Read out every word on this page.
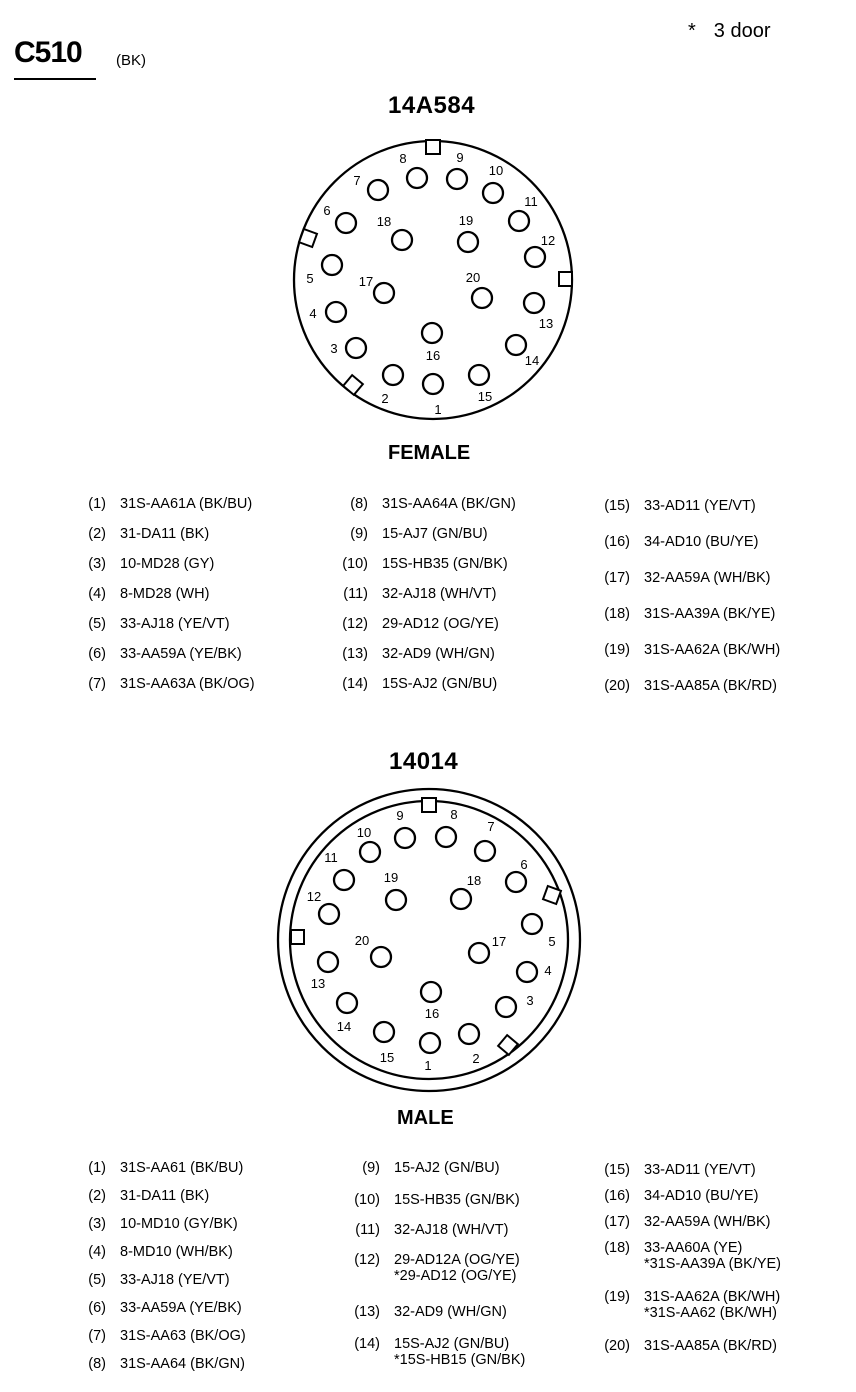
C510 (BK)
* 3 door
14A584
1
2
3
4
5
6
7
8	9
10
11
12
13
14
15
16
17
18	19
20
FEMALE
(1) 31S-AA61A (BK/BU)
(2) 31-DA11 (BK)
(3) 10-MD28 (GY)
(4) 8-MD28 (WH)
(5) 33-AJ18 (YE/VT)
(6) 33-AA59A (YE/BK)
(7) 31S-AA63A (BK/OG)
(8) 31S-AA64A (BK/GN)
(9) 15-AJ7 (GN/BU)
(10) 15S-HB35 (GN/BK)
(11) 32-AJ18 (WH/VT)
(12) 29-AD12 (OG/YE)
(13) 32-AD9 (WH/GN)
(14) 15S-AJ2 (GN/BU)
(15) 33-AD11 (YE/VT)
(16) 34-AD10 (BU/YE)
(17) 32-AA59A (WH/BK)
(18) 31S-AA39A (BK/YE)
(19) 31S-AA62A (BK/WH)
(20) 31S-AA85A (BK/RD)
14014
1	2
3
4
5
6
7
8
9
10
11
12
13
14
15
16
17
18
19
20
MALE
(1) 31S-AA61 (BK/BU)
(2) 31-DA11 (BK)
(3) 10-MD10 (GY/BK)
(4) 8-MD10 (WH/BK)
(5) 33-AJ18 (YE/VT)
(6) 33-AA59A (YE/BK)
(7) 31S-AA63 (BK/OG)
(8) 31S-AA64 (BK/GN)
(9) 15-AJ2 (GN/BU)
(10) 15S-HB35 (GN/BK)
(11) 32-AJ18 (WH/VT)
(12) 29-AD12A (OG/YE)
*29-AD12 (OG/YE)
(13) 32-AD9 (WH/GN)
(14) 15S-AJ2 (GN/BU)
*15S-HB15 (GN/BK)
(15) 33-AD11 (YE/VT)
(16) 34-AD10 (BU/YE)
(17) 32-AA59A (WH/BK)
(18) 33-AA60A (YE)
*31S-AA39A (BK/YE)
(19) 31S-AA62A (BK/WH)
*31S-AA62 (BK/WH)
(20) 31S-AA85A (BK/RD)
